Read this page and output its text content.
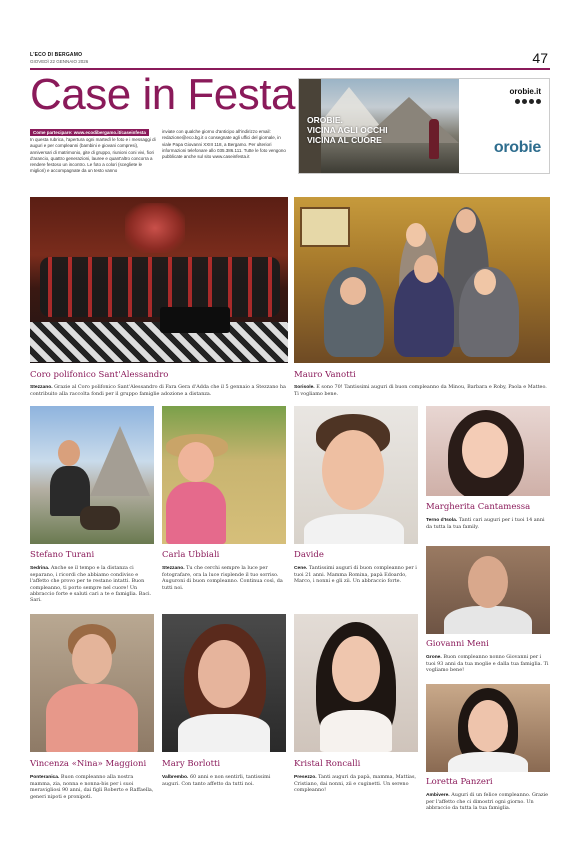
L'ECO DI BERGAMO
GIOVEDÌ 22 GENNAIO 2026	47
Case in Festa
Come partecipare: www.ecodibergamo.it/caseinfesta
In questa rubrica, l'apertura ogni martedì le foto e i messaggi di auguri e per compleanni (bambini e giovani compresi), anniversari di matrimonio, gite di gruppo, riunioni coni vivi, fiori d'arancio, quattro generazioni, lauree e quant'altro concorra a rendere festoso un incontro. Le foto a colori (scegliete le migliori) e accompagnate da un testo vanno
inviate con qualche giorno d'anticipo all'indirizzo email: redazione@eco.bg.it o consegnate agli uffici del giornale, in viale Papa Giovanni XXIII 118, a Bergamo. Per ulteriori informazioni telefonare allo 035.386.111. Tutte le foto vengono pubblicate anche sul sito www.caseinfesta.it
OROBIE.
VICINA AGLI OCCHI
VICINA AL CUORE
orobie.it
orobie
Coro polifonico Sant'Alessandro
Stezzano. Grazie al Coro polifonico Sant'Alessandro di Fara Gera d'Adda che il 5 gennaio a Stezzano ha contribuito alla raccolta fondi per il gruppo famiglie adozione a distanza.
Mauro Vanotti
Sorisole. E sono 70! Tantissimi auguri di buon compleanno da Minou, Barbara e Roby, Paola e Matteo. Ti vogliamo bene.
Stefano Turani
Sedrina. Anche se il tempo e la distanza ci separano, i ricordi che abbiamo condiviso e l'affetto che provo per te restano intatti. Buon compleanno, ti porto sempre nel cuore! Un abbraccio forte e saluti cari a te e famiglia. Baci. Sari.
Carla Ubbiali
Stezzano. Tu che cerchi sempre la luce per fotografare, ora la luce risplende il tuo sorriso. Auguroni di buon compleanno. Continua così, da tutti noi.
Davide
Cene. Tantissimi auguri di buon compleanno per i tuoi 21 anni. Mamma Romina, papà Edoardo, Marco, i nonni e gli zii. Un abbraccio forte.
Margherita Cantamessa
Terno d'Isola. Tanti cari auguri per i tuoi 14 anni da tutta la tua family.
Giovanni Meni
Grone. Buon compleanno nonno Giovanni per i tuoi 93 anni da tua moglie e dalla tua famiglia. Ti vogliamo bene!
Vincenza «Nina» Maggioni
Ponteranica. Buon compleanno alla nostra mamma, zia, nonna e nonna-bis per i suoi meravigliosi 90 anni, dai figli Roberto e Raffaella, generi nipoti e pronipoti.
Mary Borlotti
Valbrembo. 60 anni e non sentirli, tantissimi auguri. Con tanto affetto da tutti noi.
Kristal Roncalli
Presezzo. Tanti auguri da papà, mamma, Mattias, Cristiano, dai nonni, zii e cuginetti. Un sereno compleanno!
Loretta Panzeri
Ambivere. Auguri di un felice compleanno. Grazie per l'affetto che ci dimostri ogni giorno. Un abbraccio da tutta la tua famiglia.
